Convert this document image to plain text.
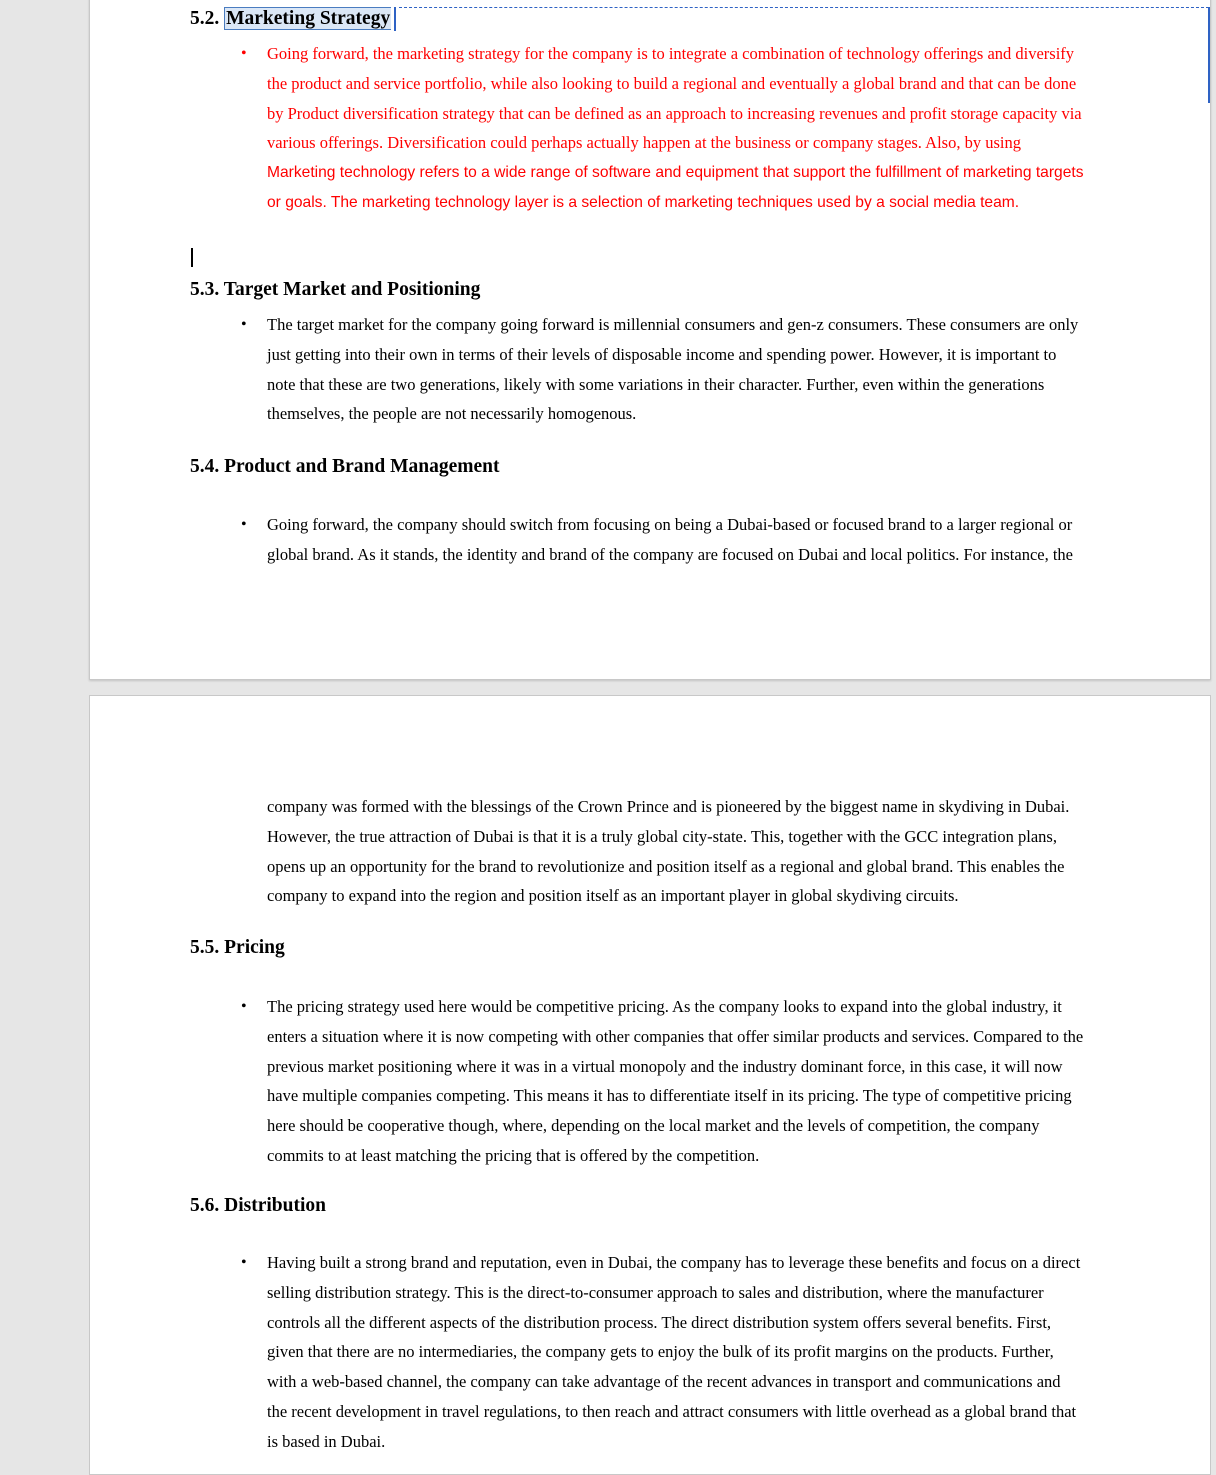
5.2. Marketing Strategy
• Going forward, the marketing strategy for the company is to integrate a combination of technology offerings and diversify
the product and service portfolio, while also looking to build a regional and eventually a global brand and that can be done
by Product diversification strategy that can be defined as an approach to increasing revenues and profit storage capacity via
various offerings. Diversification could perhaps actually happen at the business or company stages. Also, by using
Marketing technology refers to a wide range of software and equipment that support the fulfillment of marketing targets
or goals. The marketing technology layer is a selection of marketing techniques used by a social media team.
5.3. Target Market and Positioning
• The target market for the company going forward is millennial consumers and gen-z consumers. These consumers are only
just getting into their own in terms of their levels of disposable income and spending power. However, it is important to
note that these are two generations, likely with some variations in their character. Further, even within the generations
themselves, the people are not necessarily homogenous.
5.4. Product and Brand Management
• Going forward, the company should switch from focusing on being a Dubai-based or focused brand to a larger regional or
global brand. As it stands, the identity and brand of the company are focused on Dubai and local politics. For instance, the
company was formed with the blessings of the Crown Prince and is pioneered by the biggest name in skydiving in Dubai.
However, the true attraction of Dubai is that it is a truly global city-state. This, together with the GCC integration plans,
opens up an opportunity for the brand to revolutionize and position itself as a regional and global brand. This enables the
company to expand into the region and position itself as an important player in global skydiving circuits.
5.5. Pricing
• The pricing strategy used here would be competitive pricing. As the company looks to expand into the global industry, it
enters a situation where it is now competing with other companies that offer similar products and services. Compared to the
previous market positioning where it was in a virtual monopoly and the industry dominant force, in this case, it will now
have multiple companies competing. This means it has to differentiate itself in its pricing. The type of competitive pricing
here should be cooperative though, where, depending on the local market and the levels of competition, the company
commits to at least matching the pricing that is offered by the competition.
5.6. Distribution
• Having built a strong brand and reputation, even in Dubai, the company has to leverage these benefits and focus on a direct
selling distribution strategy. This is the direct-to-consumer approach to sales and distribution, where the manufacturer
controls all the different aspects of the distribution process. The direct distribution system offers several benefits. First,
given that there are no intermediaries, the company gets to enjoy the bulk of its profit margins on the products. Further,
with a web-based channel, the company can take advantage of the recent advances in transport and communications and
the recent development in travel regulations, to then reach and attract consumers with little overhead as a global brand that
is based in Dubai.
